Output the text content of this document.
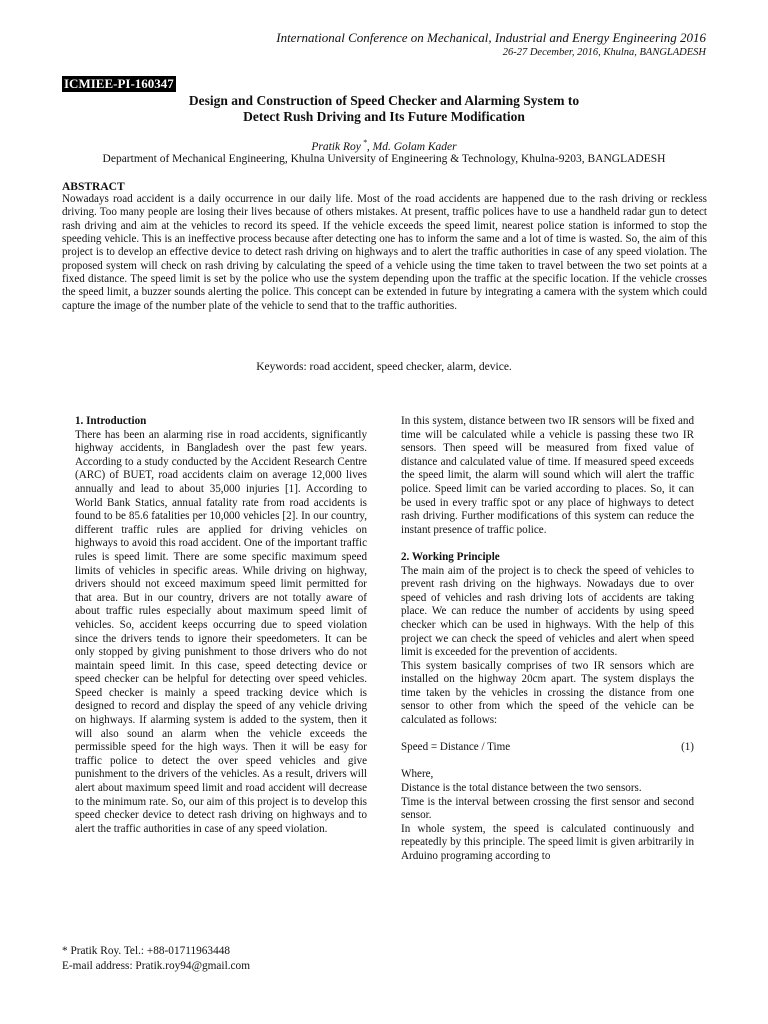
International Conference on Mechanical, Industrial and Energy Engineering 2016
26-27 December, 2016, Khulna, BANGLADESH
ICMIEE-PI-160347
Design and Construction of Speed Checker and Alarming System to
Detect Rush Driving and Its Future Modification
Pratik Roy *, Md. Golam Kader
Department of Mechanical Engineering, Khulna University of Engineering & Technology, Khulna-9203, BANGLADESH
ABSTRACT

Nowadays road accident is a daily occurrence in our daily life. Most of the road accidents are happened due to the rash driving or reckless driving. Too many people are losing their lives because of others mistakes. At present, traffic polices have to use a handheld radar gun to detect rash driving and aim at the vehicles to record its speed. If the vehicle exceeds the speed limit, nearest police station is informed to stop the speeding vehicle. This is an ineffective process because after detecting one has to inform the same and a lot of time is wasted. So, the aim of this project is to develop an effective device to detect rash driving on highways and to alert the traffic authorities in case of any speed violation. The proposed system will check on rash driving by calculating the speed of a vehicle using the time taken to travel between the two set points at a fixed distance. The speed limit is set by the police who use the system depending upon the traffic at the specific location. If the vehicle crosses the speed limit, a buzzer sounds alerting the police. This concept can be extended in future by integrating a camera with the system which could capture the image of the number plate of the vehicle to send that to the traffic authorities.

Keywords: road accident, speed checker, alarm, device.

1. Introduction

There has been an alarming rise in road accidents, significantly highway accidents, in Bangladesh over the past few years. According to a study conducted by the Accident Research Centre (ARC) of BUET, road accidents claim on average 12,000 lives annually and lead to about 35,000 injuries [1]. According to World Bank Statics, annual fatality rate from road accidents is found to be 85.6 fatalities per 10,000 vehicles [2]. In our country, different traffic rules are applied for driving vehicles on highways to avoid this road accident. One of the important traffic rules is speed limit. There are some specific maximum speed limits of vehicles in specific areas. While driving on highway, drivers should not exceed maximum speed limit permitted for that area. But in our country, drivers are not totally aware of about traffic rules especially about maximum speed limit of vehicles. So, accident keeps occurring due to speed violation since the drivers tends to ignore their speedometers. It can be only stopped by giving punishment to those drivers who do not maintain speed limit. In this case, speed detecting device or speed checker can be helpful for detecting over speed vehicles. Speed checker is mainly a speed tracking device which is designed to record and display the speed of any vehicle driving on highways. If alarming system is added to the system, then it will also sound an alarm when the vehicle exceeds the permissible speed for the high ways. Then it will be easy for traffic police to detect the over speed vehicles and give punishment to the drivers of the vehicles. As a result, drivers will alert about maximum speed limit and road accident will decrease to the minimum rate. So, our aim of this project is to develop this speed checker device to detect rash driving on highways and to alert the traffic authorities in case of any speed violation.

In this system, distance between two IR sensors will be fixed and time will be calculated while a vehicle is passing these two IR sensors. Then speed will be measured from fixed value of distance and calculated value of time. If measured speed exceeds the speed limit, the alarm will sound which will alert the traffic police. Speed limit can be varied according to places. So, it can be used in every traffic spot or any place of highways to detect rash driving. Further modifications of this system can reduce the instant presence of traffic police.

2. Working Principle

The main aim of the project is to check the speed of vehicles to prevent rash driving on the highways. Nowadays due to over speed of vehicles and rash driving lots of accidents are taking place. We can reduce the number of accidents by using speed checker which can be used in highways. With the help of this project we can check the speed of vehicles and alert when speed limit is exceeded for the prevention of accidents.

This system basically comprises of two IR sensors which are installed on the highway 20cm apart. The system displays the time taken by the vehicles in crossing the distance from one sensor to other from which the speed of the vehicle can be calculated as follows:

Speed = Distance / Time	(1)

Where,

Distance is the total distance between the two sensors.

Time is the interval between crossing the first sensor and second sensor.

In whole system, the speed is calculated continuously and repeatedly by this principle. The speed limit is given arbitrarily in Arduino programing according to

* Pratik Roy. Tel.: +88-01711963448
E-mail address: Pratik.roy94@gmail.com
